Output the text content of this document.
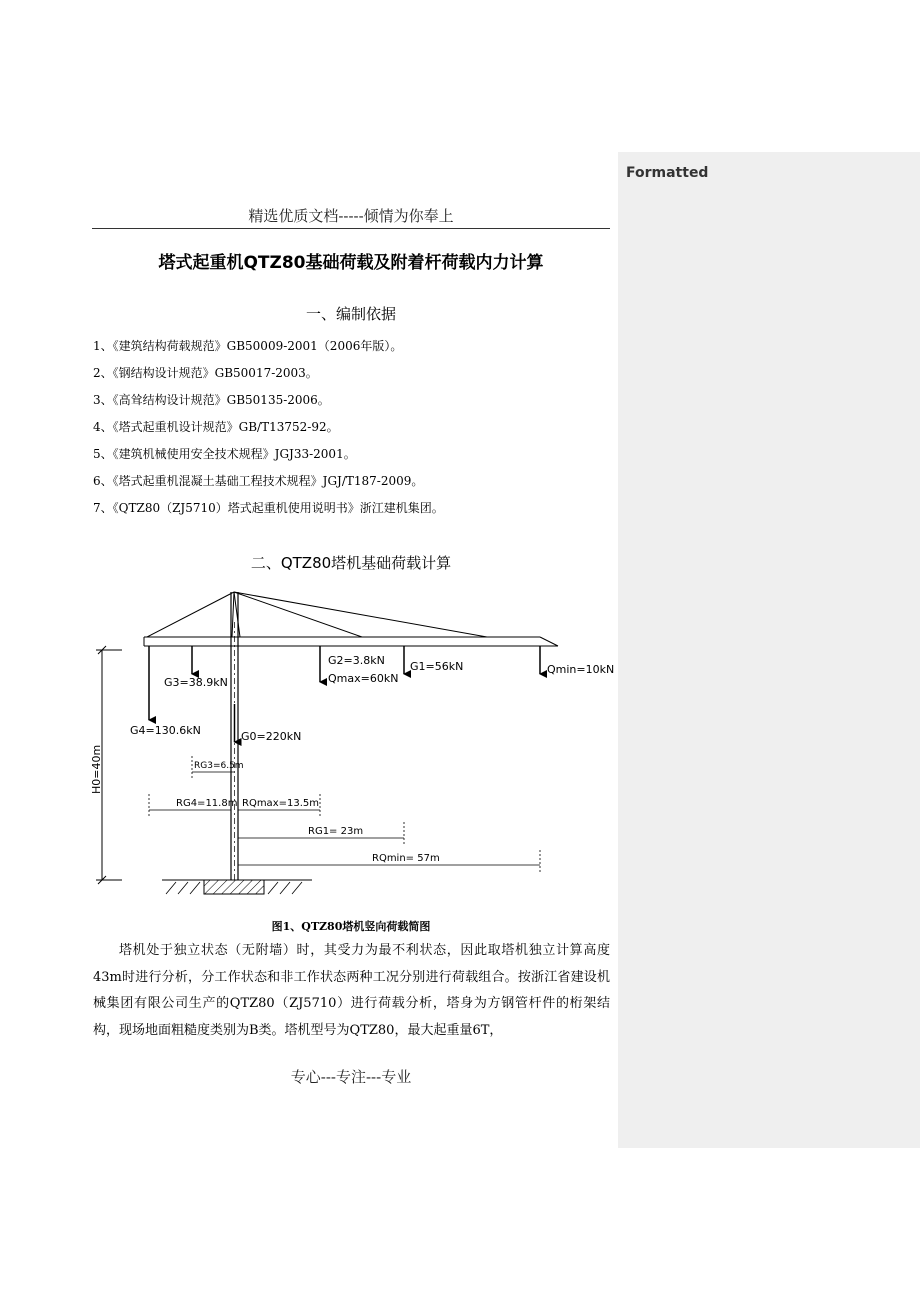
Formatted
精选优质文档-----倾情为你奉上
塔式起重机QTZ80基础荷载及附着杆荷载内力计算
一、编制依据
1、《建筑结构荷载规范》GB50009-2001（2006年版）。
2、《钢结构设计规范》GB50017-2003。
3、《高耸结构设计规范》GB50135-2006。
4、《塔式起重机设计规范》GB/T13752-92。
5、《建筑机械使用安全技术规程》JGJ33-2001。
6、《塔式起重机混凝土基础工程技术规程》JGJ/T187-2009。
7、《QTZ80（ZJ5710）塔式起重机使用说明书》浙江建机集团。
二、QTZ80塔机基础荷载计算
H0=40m
G2=3.8kN
Qmax=60kN
G1=56kN	Qmin=10kN
G3=38.9kN
G4=130.6kN	G0=220kN
RG3=6.5m
RG4=11.8m RQmax=13.5m
RG1= 23m
RQmin= 57m
图1、QTZ80塔机竖向荷载简图

塔机处于独立状态（无附墙）时，其受力为最不利状态，因此取塔机独立计算高度43m时进行分析，分工作状态和非工作状态两种工况分别进行荷载组合。按浙江省建设机械集团有限公司生产的QTZ80（ZJ5710）进行荷载分析，塔身为方钢管杆件的桁架结构，现场地面粗糙度类别为B类。塔机型号为QTZ80，最大起重量6T，

专心---专注---专业
